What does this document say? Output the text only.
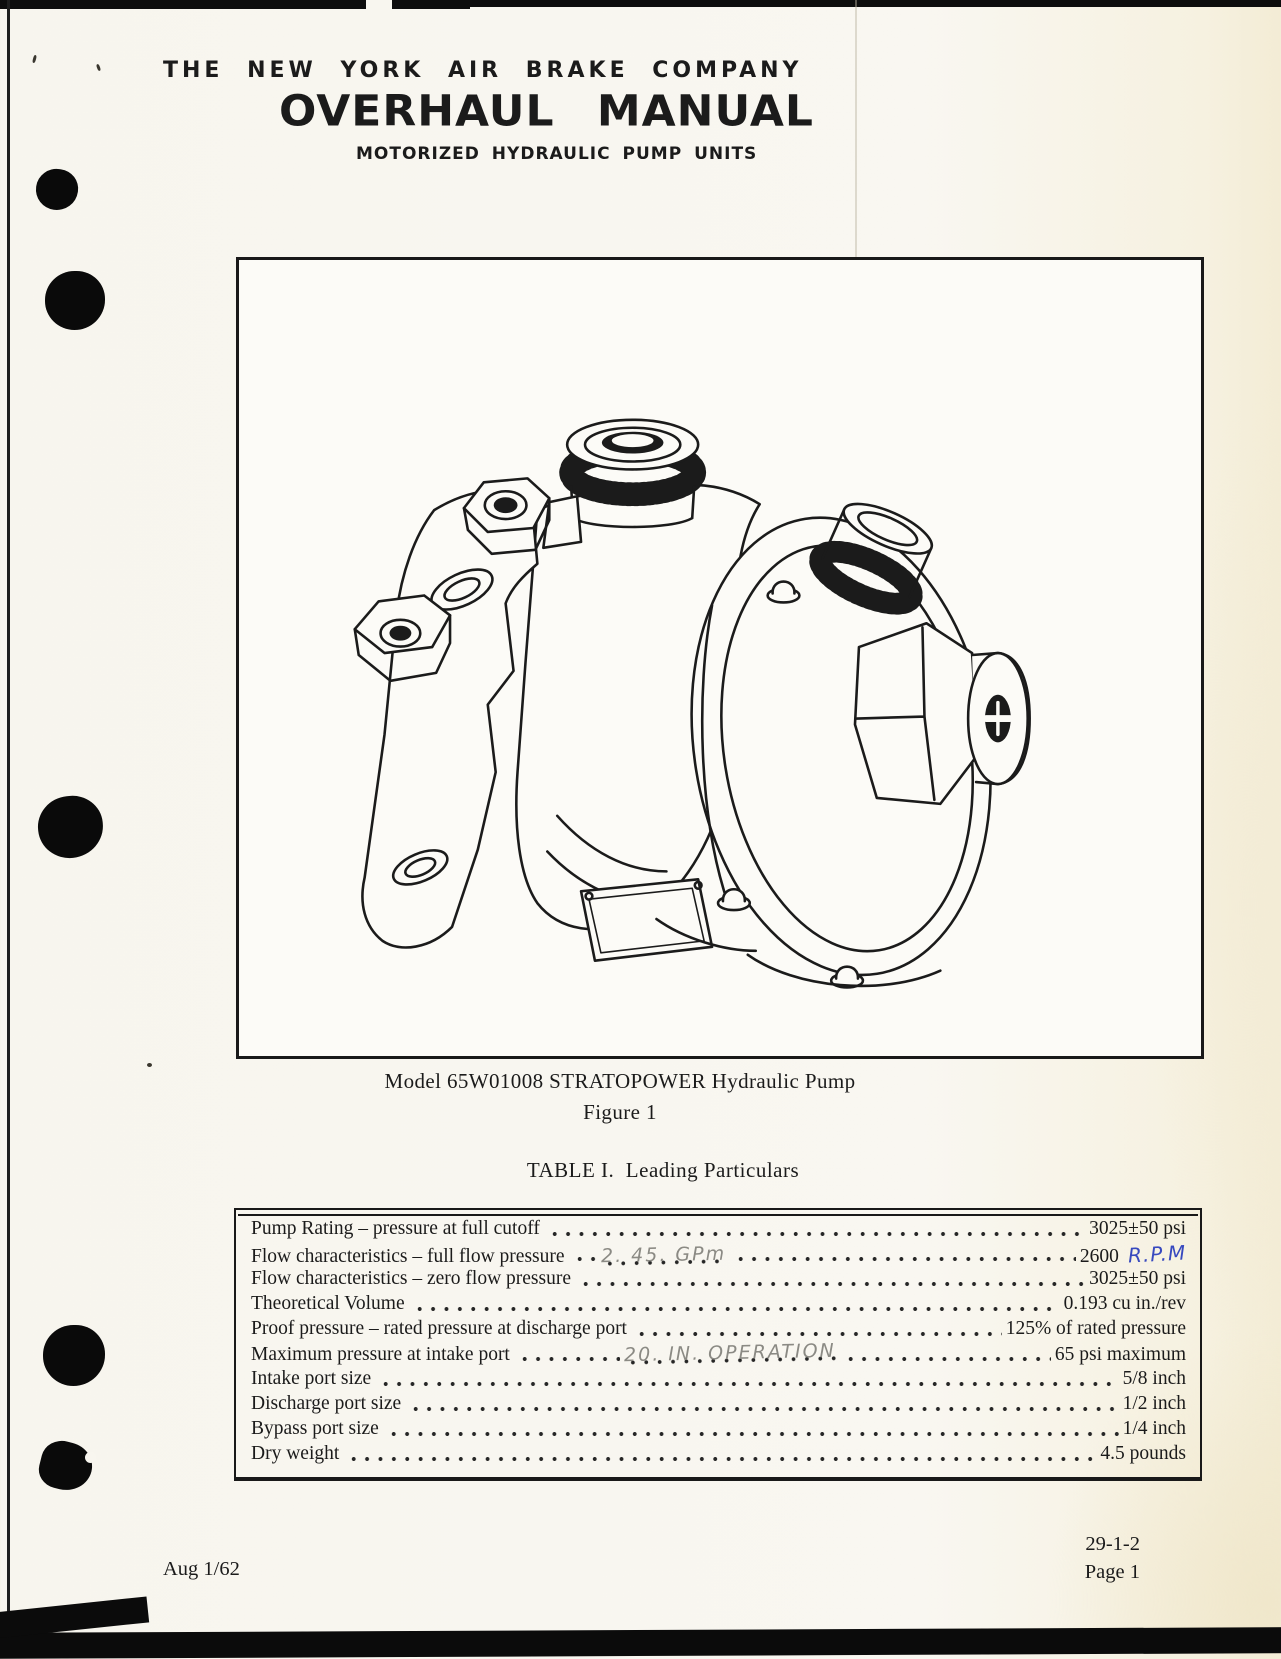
THE NEW YORK AIR BRAKE COMPANY
OVERHAUL MANUAL
MOTORIZED HYDRAULIC PUMP UNITS
Model 65W01008 STRATOPOWER Hydraulic Pump
Figure 1
TABLE I.  Leading Particulars
Pump Rating – pressure at full cutoff	3025±50 psi
Flow characteristics – full flow pressure 2. 45. GPm	2600 R.P.M
Flow characteristics – zero flow pressure	3025±50 psi
Theoretical Volume	0.193 cu in./rev
Proof pressure – rated pressure at discharge port	125% of rated pressure
Maximum pressure at intake port	20. IN. OPERATION	65 psi maximum
Intake port size	5/8 inch
Discharge port size	1/2 inch
Bypass port size	1/4 inch
Dry weight	4.5 pounds
Aug 1/62
29-1-2
Page 1
